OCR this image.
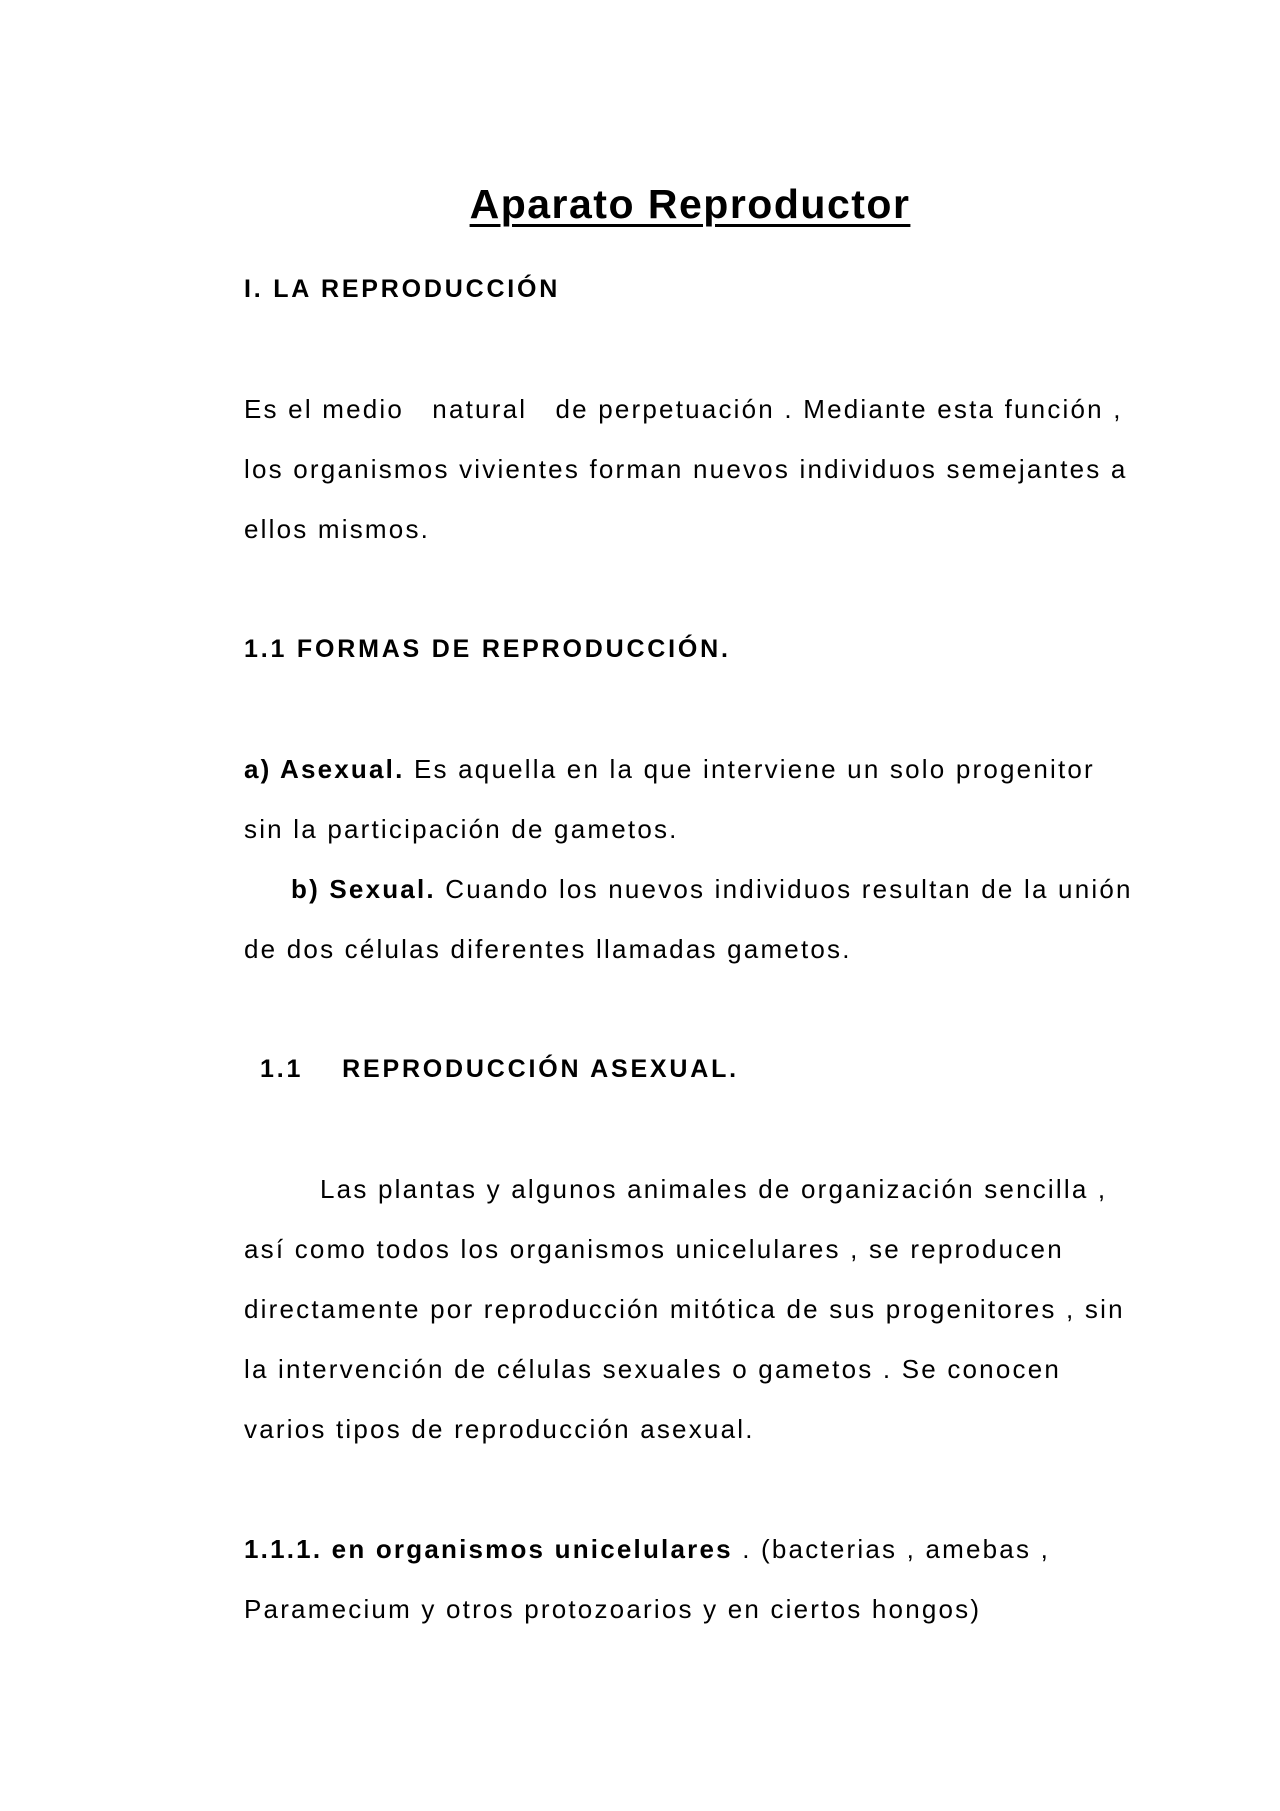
Aparato Reproductor
I. LA REPRODUCCIÓN
Es el medio   natural   de perpetuación . Mediante esta función ,
los organismos vivientes forman nuevos individuos semejantes a
ellos mismos.
1.1 FORMAS DE REPRODUCCIÓN.
a) Asexual. Es aquella en la que interviene un solo progenitor
sin la participación de gametos.
b) Sexual. Cuando los nuevos individuos resultan de la unión
de dos células diferentes llamadas gametos.
1.1    REPRODUCCIÓN ASEXUAL.
Las plantas y algunos animales de organización sencilla ,
así como todos los organismos unicelulares , se reproducen
directamente por reproducción mitótica de sus progenitores , sin
la intervención de células sexuales o gametos . Se conocen
varios tipos de reproducción asexual.
1.1.1. en organismos unicelulares . (bacterias , amebas ,
Paramecium y otros protozoarios y en ciertos hongos)
